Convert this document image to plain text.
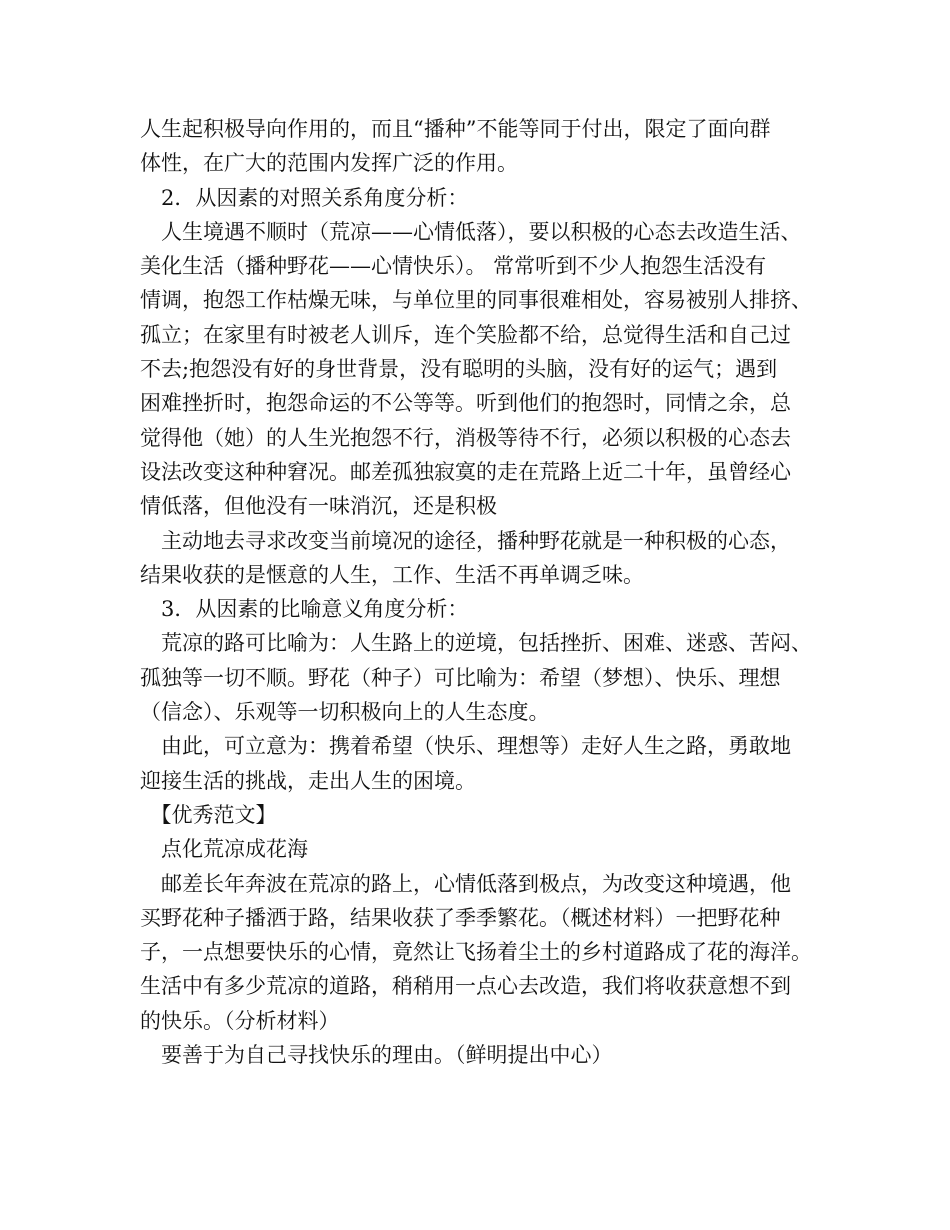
人生起积极导向作用的，而且“播种”不能等同于付出，限定了面向群

体性，在广大的范围内发挥广泛的作用。

　2．从因素的对照关系角度分析：

　人生境遇不顺时（荒凉——心情低落），要以积极的心态去改造生活、

美化生活（播种野花——心情快乐）。 常常听到不少人抱怨生活没有

情调，抱怨工作枯燥无味，与单位里的同事很难相处，容易被别人排挤、

孤立；在家里有时被老人训斥，连个笑脸都不给，总觉得生活和自己过

不去;抱怨没有好的身世背景，没有聪明的头脑，没有好的运气；遇到

困难挫折时，抱怨命运的不公等等。听到他们的抱怨时，同情之余，总

觉得他（她）的人生光抱怨不行，消极等待不行，必须以积极的心态去

设法改变这种种窘况。邮差孤独寂寞的走在荒路上近二十年，虽曾经心

情低落，但他没有一味消沉，还是积极

　主动地去寻求改变当前境况的途径，播种野花就是一种积极的心态，

结果收获的是惬意的人生，工作、生活不再单调乏味。

　3．从因素的比喻意义角度分析：

　荒凉的路可比喻为：人生路上的逆境，包括挫折、困难、迷惑、苦闷、

孤独等一切不顺。野花（种子）可比喻为：希望（梦想）、快乐、理想

（信念）、乐观等一切积极向上的人生态度。

　由此，可立意为：携着希望（快乐、理想等）走好人生之路，勇敢地

迎接生活的挑战，走出人生的困境。

　【优秀范文】

　点化荒凉成花海

　邮差长年奔波在荒凉的路上，心情低落到极点，为改变这种境遇，他

买野花种子播洒于路，结果收获了季季繁花。（概述材料）一把野花种

子，一点想要快乐的心情，竟然让飞扬着尘土的乡村道路成了花的海洋。

生活中有多少荒凉的道路，稍稍用一点心去改造，我们将收获意想不到

的快乐。（分析材料）

　要善于为自己寻找快乐的理由。（鲜明提出中心）
